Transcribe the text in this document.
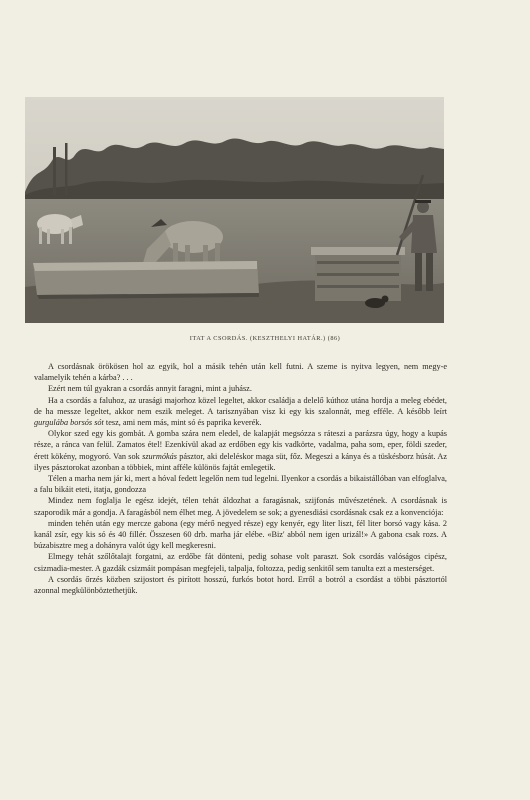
ITAT A CSORDÁS. (KESZTHELYI HATÁR.) (86)

A csordásnak örökösen hol az egyik, hol a másik tehén után kell futni. A szeme is nyitva legyen, nem megy-e valamelyik tehén a kárba? . . .

Ezért nem túl gyakran a csordás annyit faragni, mint a juhász.

Ha a csordás a faluhoz, az urasági majorhoz közel legeltet, akkor családja a delelő kúthoz utána hordja a meleg ebédet, de ha messze legeltet, akkor nem eszik meleget. A tarisznyában visz ki egy kis szalonnát, meg efféle. A később leírt gurgulába borsós sót tesz, ami nem más, mint só és paprika keverék.

Olykor szed egy kis gombát. A gomba szára nem eledel, de kalapját megsózza s ráteszi a parázsra úgy, hogy a kupás része, a ránca van felül. Zamatos étel! Ezenkívül akad az erdőben egy kis vadkörte, vadalma, paha som, eper, földi szeder, érett kökény, mogyoró. Van sok szurmókás pásztor, aki deleléskor maga süt, főz. Megeszi a kánya és a tüskésborz húsát. Az ilyes pásztorokat azonban a többiek, mint afféle különös fajtát emlegetik.

Télen a marha nem jár ki, mert a hóval fedett legelőn nem tud legelni. Ilyenkor a csordás a bikaistállóban van elfoglalva, a falu bikáit eteti, itatja, gondozza

Mindez nem foglalja le egész idejét, télen tehát áldozhat a faragásnak, szijfonás művészetének. A csordásnak is szaporodik már a gondja. A faragásból nem élhet meg. A jövedelem se sok; a gyenesdiási csordásnak csak ez a konvenciója:

minden tehén után egy mercze gabona (egy mérő negyed része) egy kenyér, egy liter liszt, fél liter borsó vagy kása. 2 kanál zsír, egy kis só és 40 fillér. Összesen 60 drb. marha jár elébe. «Biz' abból nem igen urizál!» A gabona csak rozs. A búzabisztre meg a dohányra valót úgy kell megkeresni.

Elmegy tehát szőlőtalajt forgatni, az erdőbe fát dönteni, pedig sohase volt paraszt. Sok csordás valóságos cipész, csizmadia-mester. A gazdák csizmáit pompásan megfejeli, talpalja, foltozza, pedig senkitől sem tanulta ezt a mesterséget.

A csordás őrzés közben szijostort és pirított hosszú, furkós botot hord. Erről a botról a csordást a többi pásztortól azonnal megkülönböztethetjük.
